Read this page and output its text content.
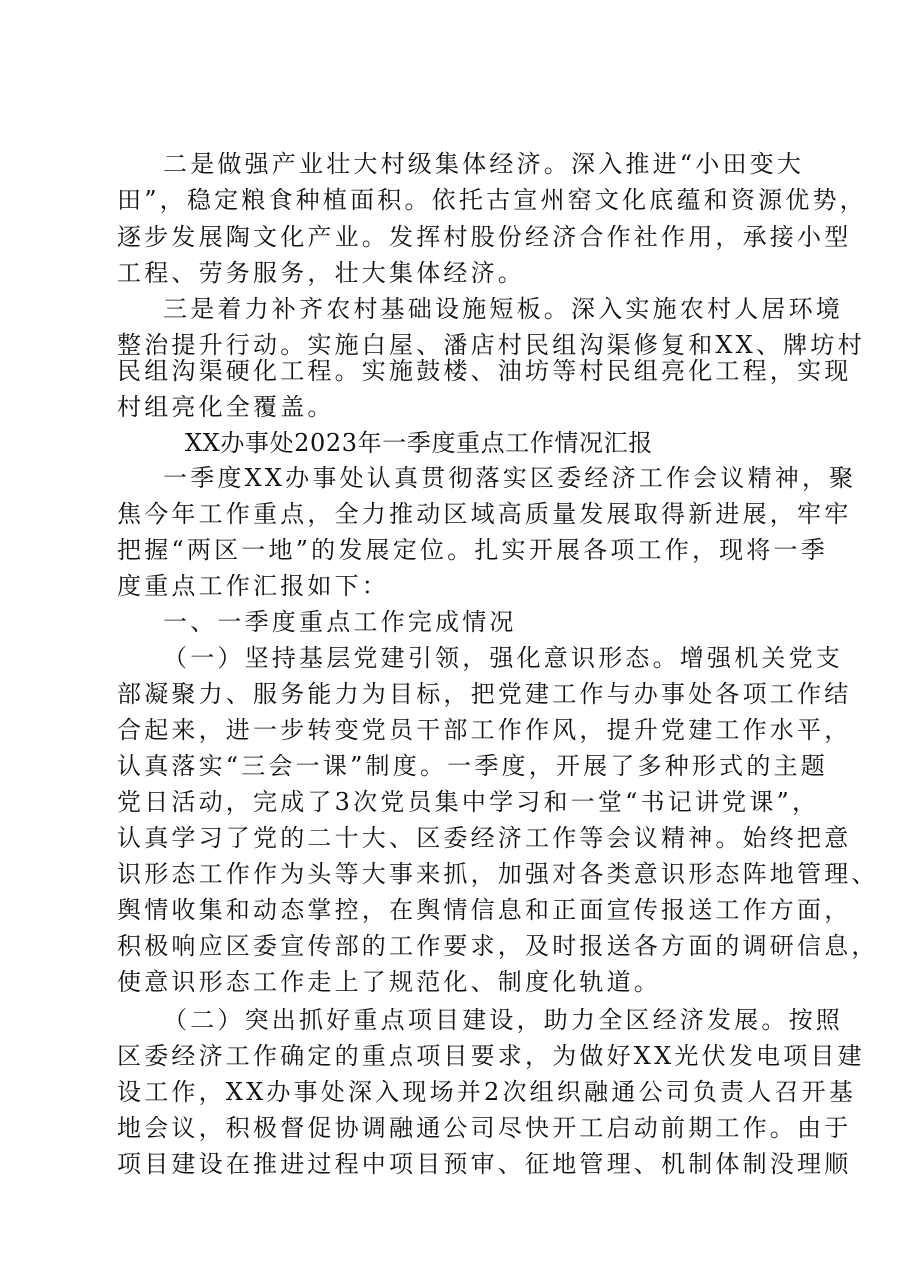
二是做强产业壮大村级集体经济。深入推进“小田变大

田”，稳定粮食种植面积。依托古宣州窑文化底蕴和资源优势，

逐步发展陶文化产业。发挥村股份经济合作社作用，承接小型

工程、劳务服务，壮大集体经济。

三是着力补齐农村基础设施短板。深入实施农村人居环境

整治提升行动。实施白屋、潘店村民组沟渠修复和XX、牌坊村

民组沟渠硬化工程。实施鼓楼、油坊等村民组亮化工程，实现

村组亮化全覆盖。

XX办事处2023年一季度重点工作情况汇报

一季度XX办事处认真贯彻落实区委经济工作会议精神，聚

焦今年工作重点，全力推动区域高质量发展取得新进展，牢牢

把握“两区一地”的发展定位。扎实开展各项工作，现将一季

度重点工作汇报如下：

一、一季度重点工作完成情况

（一）坚持基层党建引领，强化意识形态。增强机关党支

部凝聚力、服务能力为目标，把党建工作与办事处各项工作结

合起来，进一步转变党员干部工作作风，提升党建工作水平，

认真落实“三会一课”制度。一季度，开展了多种形式的主题

党日活动，完成了3次党员集中学习和一堂“书记讲党课”，

认真学习了党的二十大、区委经济工作等会议精神。始终把意

识形态工作作为头等大事来抓，加强对各类意识形态阵地管理、

舆情收集和动态掌控，在舆情信息和正面宣传报送工作方面，

积极响应区委宣传部的工作要求，及时报送各方面的调研信息，

使意识形态工作走上了规范化、制度化轨道。

（二）突出抓好重点项目建设，助力全区经济发展。按照

区委经济工作确定的重点项目要求，为做好XX光伏发电项目建

设工作，XX办事处深入现场并2次组织融通公司负责人召开基

地会议，积极督促协调融通公司尽快开工启动前期工作。由于

项目建设在推进过程中项目预审、征地管理、机制体制没理顺
